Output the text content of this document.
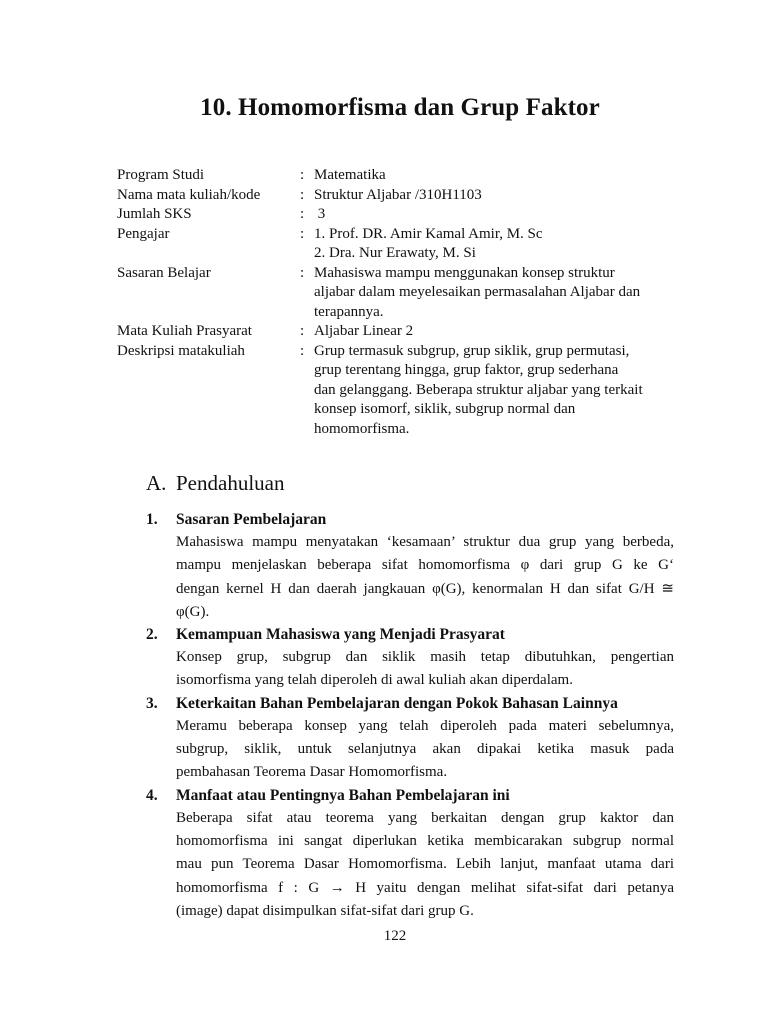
10. Homomorfisma dan Grup Faktor
Program Studi	: Matematika
Nama mata kuliah/kode	: Struktur Aljabar /310H1103
Jumlah SKS	: 3
Pengajar	: 1. Prof. DR. Amir Kamal Amir, M. Sc
2. Dra. Nur Erawaty, M. Si
Sasaran Belajar	: Mahasiswa mampu menggunakan konsep struktur
aljabar dalam meyelesaikan permasalahan Aljabar dan
terapannya.
Mata Kuliah Prasyarat	: Aljabar Linear 2
Deskripsi matakuliah	: Grup termasuk subgrup, grup siklik, grup permutasi,
grup terentang hingga, grup faktor, grup sederhana
dan gelanggang. Beberapa struktur aljabar yang terkait
konsep isomorf, siklik, subgrup normal dan
homomorfisma.
A. Pendahuluan
1.	Sasaran Pembelajaran
Mahasiswa mampu menyatakan ‘kesamaan’ struktur dua grup yang berbeda,
mampu menjelaskan beberapa sifat homomorfisma φ dari grup G ke G‘
dengan kernel H dan daerah jangkauan φ(G), kenormalan H dan sifat G/H ≅
φ(G).
2.	Kemampuan Mahasiswa yang Menjadi Prasyarat
Konsep grup, subgrup dan siklik masih tetap dibutuhkan, pengertian
isomorfisma yang telah diperoleh di awal kuliah akan diperdalam.
3.	Keterkaitan Bahan Pembelajaran dengan Pokok Bahasan Lainnya
Meramu beberapa konsep yang telah diperoleh pada materi sebelumnya,
subgrup, siklik, untuk selanjutnya akan dipakai ketika masuk pada
pembahasan Teorema Dasar Homomorfisma.
4.	Manfaat atau Pentingnya Bahan Pembelajaran ini
Beberapa sifat atau teorema yang berkaitan dengan grup kaktor dan
homomorfisma ini sangat diperlukan ketika membicarakan subgrup normal
mau pun Teorema Dasar Homomorfisma. Lebih lanjut, manfaat utama dari
homomorfisma f : G → H yaitu dengan melihat sifat-sifat dari petanya
(image) dapat disimpulkan sifat-sifat dari grup G.
122
